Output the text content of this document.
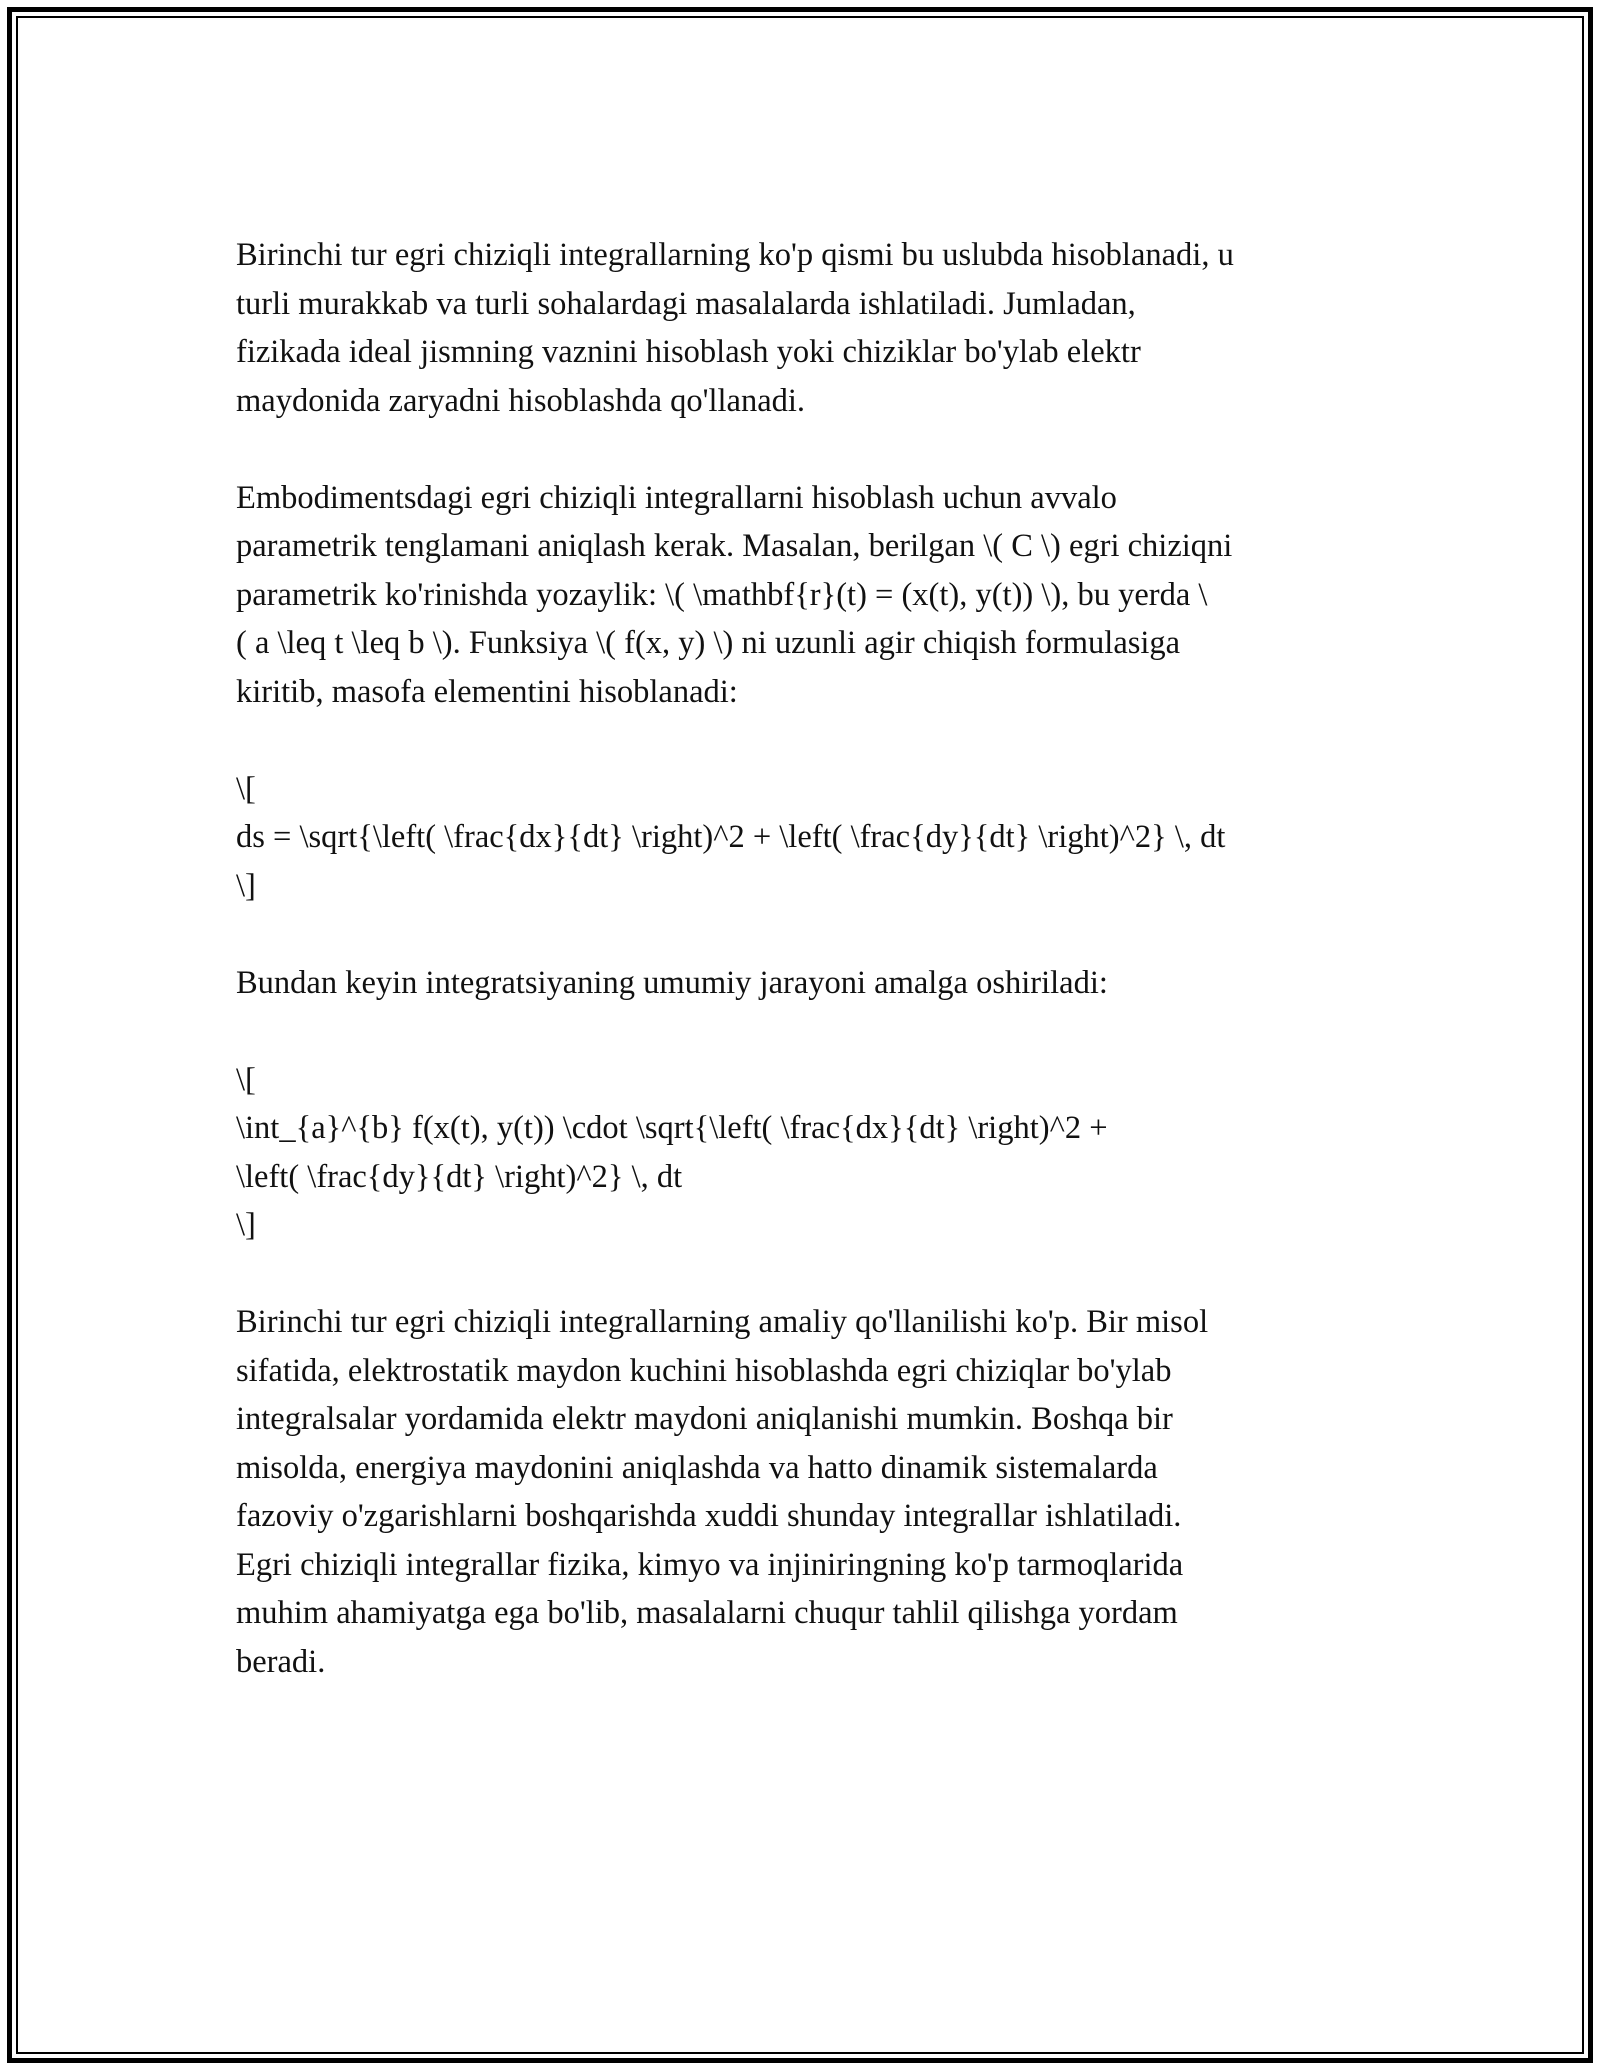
Birinchi tur egri chiziqli integrallarning ko'p qismi bu uslubda hisoblanadi, u
turli murakkab va turli sohalardagi masalalarda ishlatiladi. Jumladan,
fizikada ideal jismning vaznini hisoblash yoki chiziklar bo'ylab elektr
maydonida zaryadni hisoblashda qo'llanadi.

Embodimentsdagi egri chiziqli integrallarni hisoblash uchun avvalo
parametrik tenglamani aniqlash kerak. Masalan, berilgan \( C \) egri chiziqni
parametrik ko'rinishda yozaylik: \( \mathbf{r}(t) = (x(t), y(t)) \), bu yerda \
( a \leq t \leq b \). Funksiya \( f(x, y) \) ni uzunli agir chiqish formulasiga
kiritib, masofa elementini hisoblanadi:

\[
ds = \sqrt{\left( \frac{dx}{dt} \right)^2 + \left( \frac{dy}{dt} \right)^2} \, dt
\]

Bundan keyin integratsiyaning umumiy jarayoni amalga oshiriladi:

\[
\int_{a}^{b} f(x(t), y(t)) \cdot \sqrt{\left( \frac{dx}{dt} \right)^2 +
\left( \frac{dy}{dt} \right)^2} \, dt
\]

Birinchi tur egri chiziqli integrallarning amaliy qo'llanilishi ko'p. Bir misol
sifatida, elektrostatik maydon kuchini hisoblashda egri chiziqlar bo'ylab
integralsalar yordamida elektr maydoni aniqlanishi mumkin. Boshqa bir
misolda, energiya maydonini aniqlashda va hatto dinamik sistemalarda
fazoviy o'zgarishlarni boshqarishda xuddi shunday integrallar ishlatiladi.
Egri chiziqli integrallar fizika, kimyo va injiniringning ko'p tarmoqlarida
muhim ahamiyatga ega bo'lib, masalalarni chuqur tahlil qilishga yordam
beradi.
